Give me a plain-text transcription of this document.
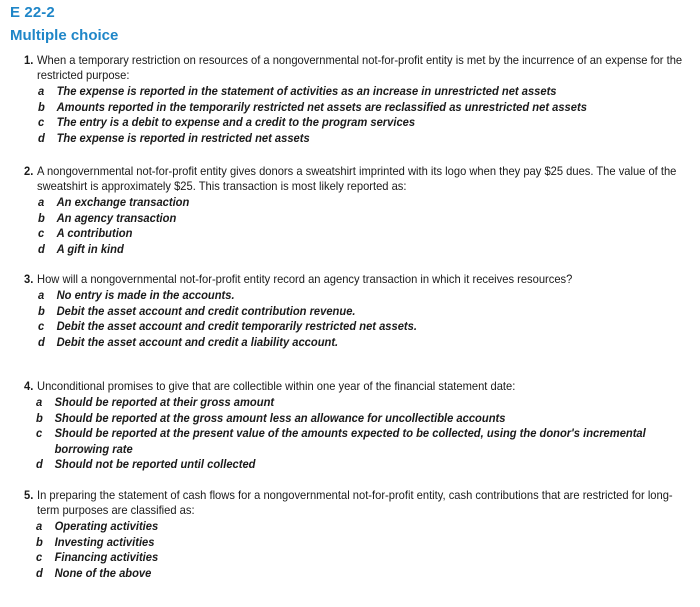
E 22-2
Multiple choice
1. When a temporary restriction on resources of a nongovernmental not-for-profit entity is met by the incurrence of an expense for the restricted purpose:
a	The expense is reported in the statement of activities as an increase in unrestricted net assets
b Amounts reported in the temporarily restricted net assets are reclassified as unrestricted net assets
c	The entry is a debit to expense and a credit to the program services
d The expense is reported in restricted net assets
2. A nongovernmental not-for-profit entity gives donors a sweatshirt imprinted with its logo when they pay $25 dues. The value of the sweatshirt is approximately $25. This transaction is most likely reported as:
a	An exchange transaction
b An agency transaction
c	A contribution
d A gift in kind
3. How will a nongovernmental not-for-profit entity record an agency transaction in which it receives resources?
a	No entry is made in the accounts.
b Debit the asset account and credit contribution revenue.
c	Debit the asset account and credit temporarily restricted net assets.
d Debit the asset account and credit a liability account.
4. Unconditional promises to give that are collectible within one year of the financial statement date:
a	Should be reported at their gross amount
b Should be reported at the gross amount less an allowance for uncollectible accounts
c	Should be reported at the present value of the amounts expected to be collected, using the donor's incremental borrowing rate
d Should not be reported until collected
5. In preparing the statement of cash flows for a nongovernmental not-for-profit entity, cash contributions that are restricted for long-term purposes are classified as:
a	Operating activities
b Investing activities
c	Financing activities
d None of the above
